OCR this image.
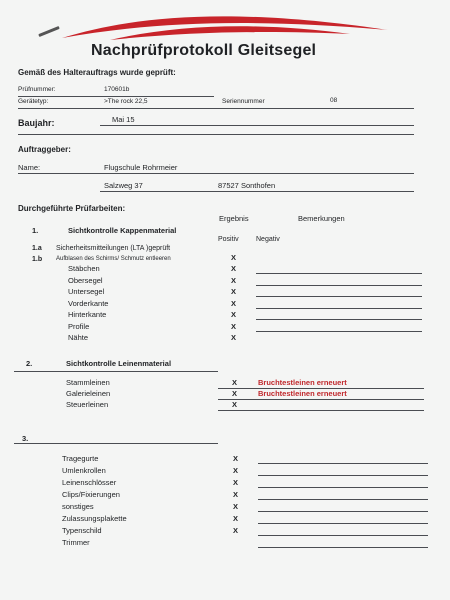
Nachprüfprotokoll Gleitsegel
Gemäß des Halterauftrags wurde geprüft:
Prüfnummer:	170601b
Gerätetyp:	>The rock 22,5	Seriennummer	08
Baujahr:	Mai 15
Auftraggeber:
Name:	Flugschule Rohrmeier
Salzweg 37	87527 Sonthofen
Durchgeführte Prüfarbeiten:
Ergebnis	Bemerkungen
1.	Sichtkontrolle Kappenmaterial
Positiv Negativ
1.a Sicherheitsmitteilungen (LTA )geprüft
1.b Aufblasen des Schirms/ Schmutz entleeren	X
Stäbchen	X
Obersegel	X
Untersegel	X
Vorderkante	X
Hinterkante	X
Profile	X
Nähte	X
2.	Sichtkontrolle Leinenmaterial
Stammleinen	X	Bruchtestleinen erneuert
Galerieleinen	X	Bruchtestleinen erneuert
Steuerleinen	X
3.
Tragegurte	X
Umlenkrollen	X
Leinenschlösser	X
Clips/Fixierungen	X
sonstiges	X
Zulassungsplakette	X
Typenschild	X
Trimmer
